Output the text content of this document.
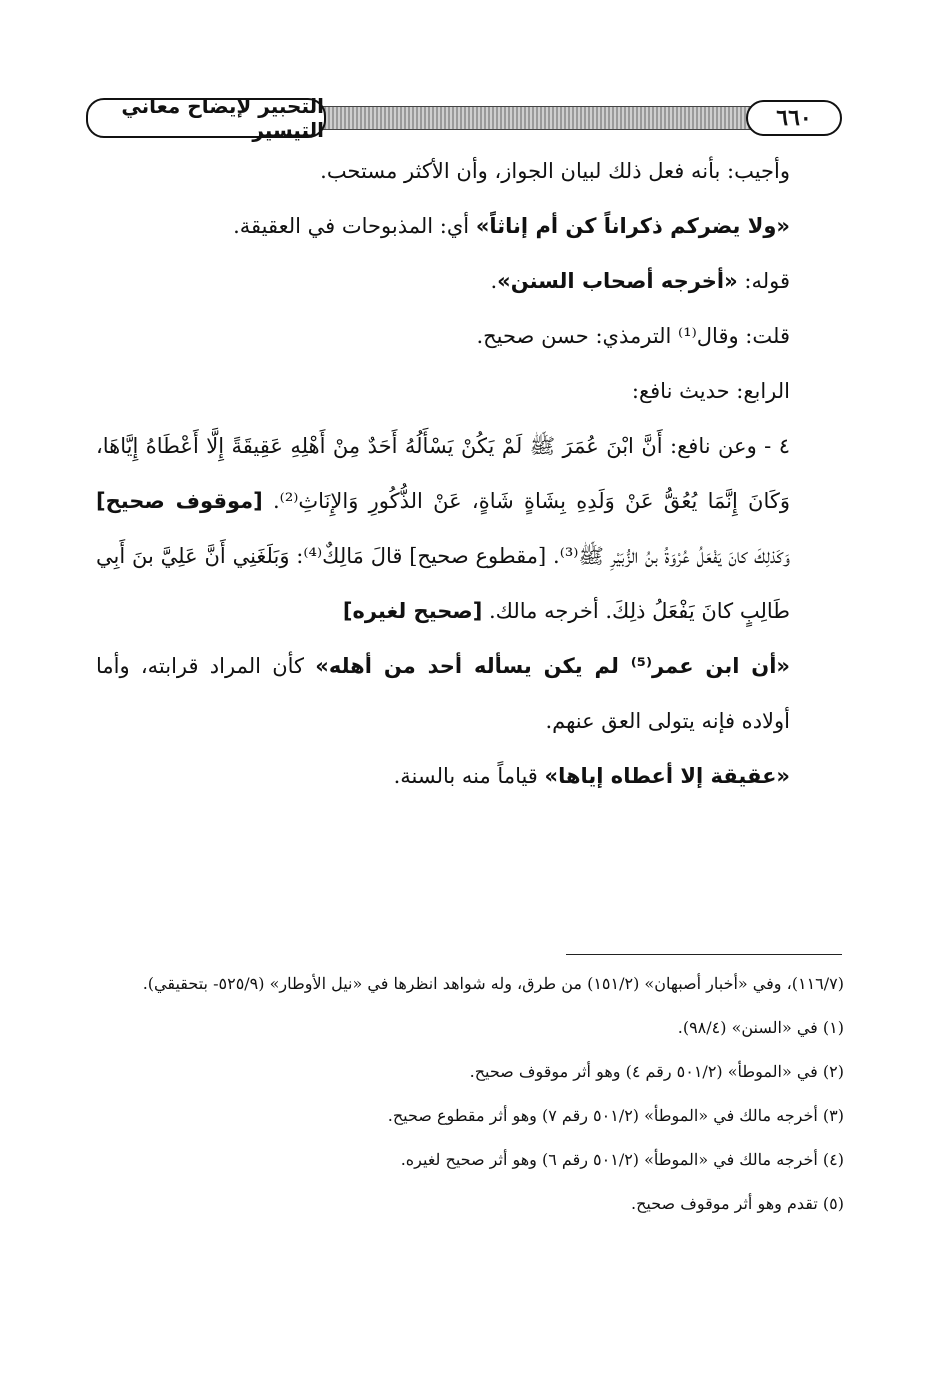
التحبير لإيضاح معاني التيسير	٦٦٠

وأجيب: بأنه فعل ذلك لبيان الجواز، وأن الأكثر مستحب.

«ولا يضركم ذكراناً كن أم إناثاً» أي: المذبوحات في العقيقة.

قوله: «أخرجه أصحاب السنن».

قلت: وقال⁽¹⁾ الترمذي: حسن صحيح.

الرابع: حديث نافع:

٤ - وعن نافع: أَنَّ ابْنَ عُمَرَ ﷺ لَمْ يَكُنْ يَسْأَلُهُ أَحَدٌ مِنْ أَهْلِهِ عَقِيقَةً إِلَّا أَعْطَاهُ إِيَّاهَا، وَكَانَ إِنَّمَا يُعُقُّ عَنْ وَلَدِهِ بِشَاةٍ شَاةٍ، عَنْ الذُّكُورِ وَالإِنَاثِ⁽²⁾. [موقوف صحيح] وَكَذلِكَ كانَ يَفْعَلُ عُرْوَةُ بنُ الزُّبَيْرِ ﷺ⁽³⁾. [مقطوع صحيح] قالَ مَالِكٌ⁽⁴⁾: وَبَلَغَنِي أَنَّ عَلِيَّ بنَ أَبِي طَالِبٍ كانَ يَفْعَلُ ذلِكَ. أخرجه مالك. [صحيح لغيره]

«أن ابن عمر⁽⁵⁾ لم يكن يسأله أحد من أهله» كأن المراد قرابته، وأما أولاده فإنه يتولى العق عنهم.

«عقيقة إلا أعطاه إياها» قياماً منه بالسنة.

(١١٦/٧)، وفي «أخبار أصبهان» (١٥١/٢) من طرق، وله شواهد انظرها في «نيل الأوطار» (٥٢٥/٩- بتحقيقي).

(١) في «السنن» (٩٨/٤).

(٢) في «الموطأ» (٥٠١/٢ رقم ٤) وهو أثر موقوف صحيح.

(٣) أخرجه مالك في «الموطأ» (٥٠١/٢ رقم ٧) وهو أثر مقطوع صحيح.

(٤) أخرجه مالك في «الموطأ» (٥٠١/٢ رقم ٦) وهو أثر صحيح لغيره.

(٥) تقدم وهو أثر موقوف صحيح.
